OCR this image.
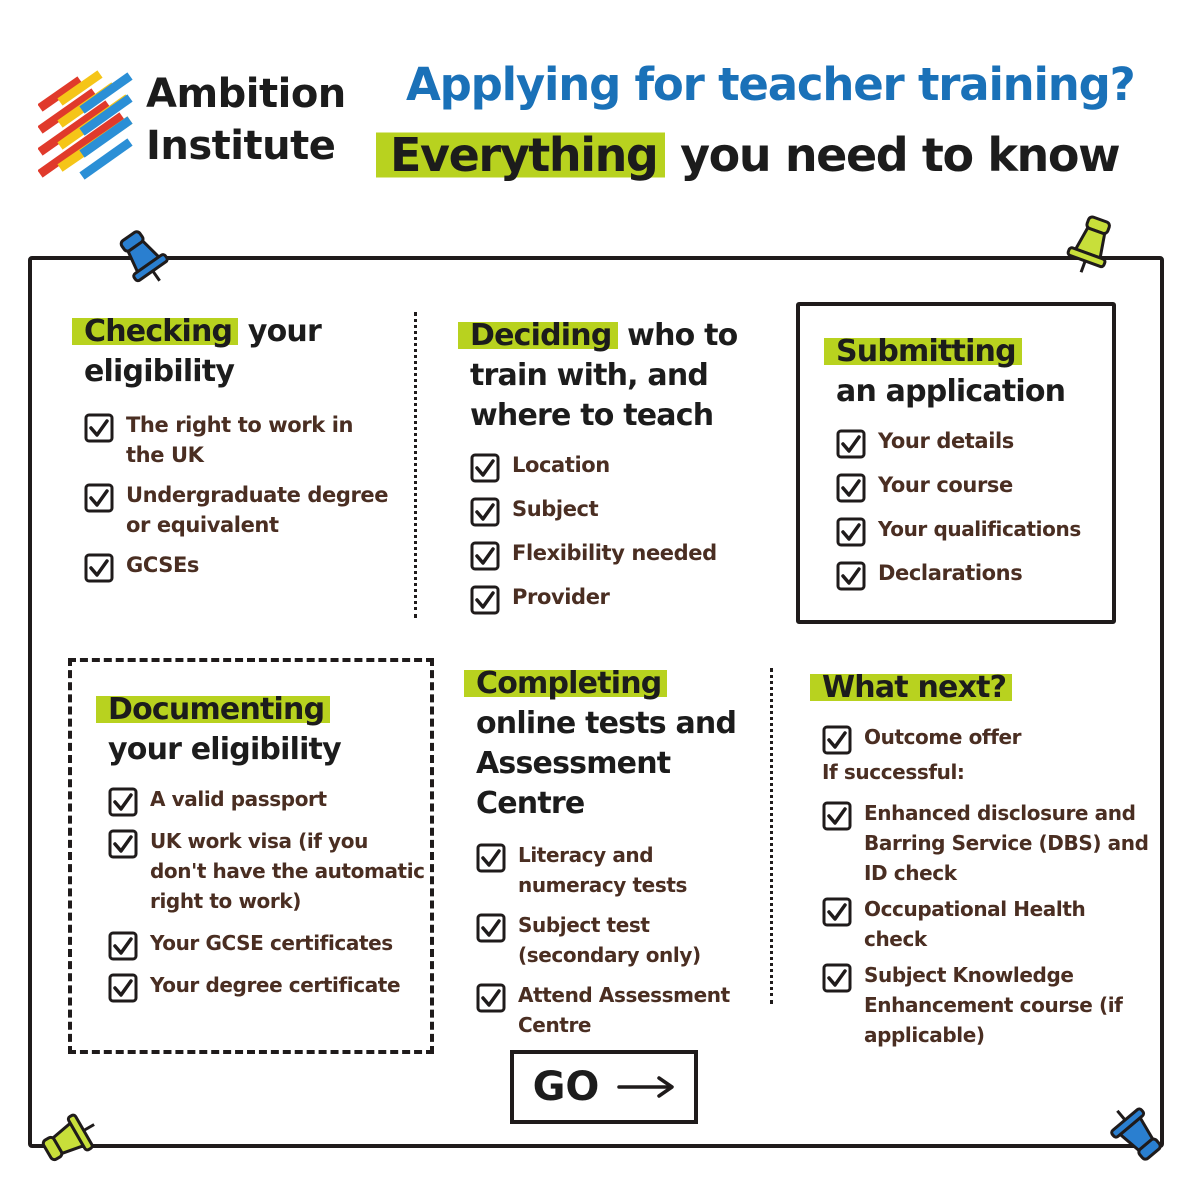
Ambition
Institute
Applying for teacher training?
Everything you need to know
Checking your eligibility
The right to work in the UK
Undergraduate degree or equivalent
GCSEs
Deciding who to train with, and where to teach
Location
Subject
Flexibility needed
Provider
Submitting
an application
Your details
Your course
Your qualifications
Declarations
Documenting
your eligibility
A valid passport
UK work visa (if you don't have the automatic right to work)
Your GCSE certificates
Your degree certificate
Completing
online tests and Assessment Centre
Literacy and numeracy tests
Subject test (secondary only)
Attend Assessment Centre
What next?
Outcome offer
If successful:
Enhanced disclosure and Barring Service (DBS) and ID check
Occupational Health check
Subject Knowledge Enhancement course (if applicable)
GO
